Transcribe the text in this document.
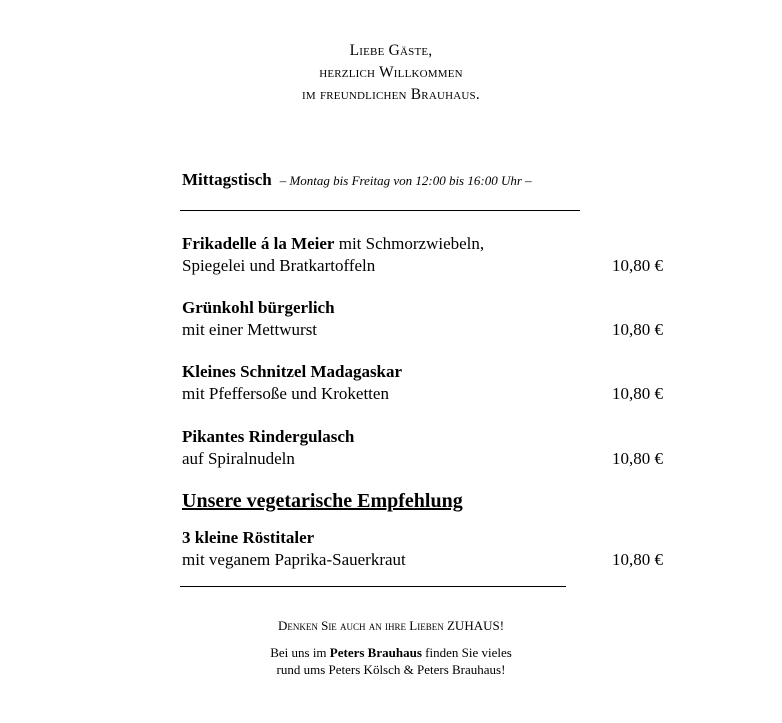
Liebe Gäste,
herzlich Willkommen
im freundlichen Brauhaus.
Mittagstisch – Montag bis Freitag von 12:00 bis 16:00 Uhr –
Frikadelle á la Meier mit Schmorzwiebeln,
Spiegelei und Bratkartoffeln	10,80 €
Grünkohl bürgerlich
mit einer Mettwurst	10,80 €
Kleines Schnitzel Madagaskar
mit Pfeffersoße und Kroketten	10,80 €
Pikantes Rindergulasch
auf Spiralnudeln	10,80 €
Unsere vegetarische Empfehlung
3 kleine Röstitaler
mit veganem Paprika-Sauerkraut	10,80 €
Denken Sie auch an ihre Lieben ZUHAUS!
Bei uns im Peters Brauhaus finden Sie vieles
rund ums Peters Kölsch & Peters Brauhaus!
